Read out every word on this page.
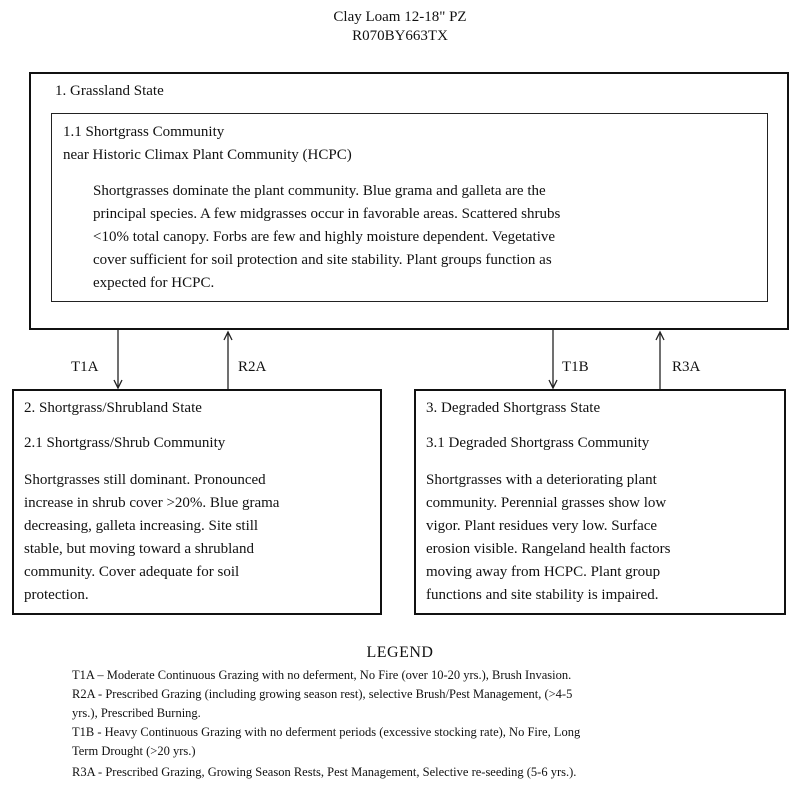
Clay Loam 12-18" PZ
R070BY663TX
1. Grassland State
1.1 Shortgrass Community
near Historic Climax Plant Community (HCPC)
Shortgrasses dominate the plant community. Blue grama and galleta are the
principal species. A few midgrasses occur in favorable areas. Scattered shrubs
<10% total canopy. Forbs are few and highly moisture dependent. Vegetative
cover sufficient for soil protection and site stability. Plant groups function as
expected for HCPC.
T1A	R2A	T1B	R3A
2. Shortgrass/Shrubland State
2.1 Shortgrass/Shrub Community
Shortgrasses still dominant. Pronounced
increase in shrub cover >20%. Blue grama
decreasing, galleta increasing. Site still
stable, but moving toward a shrubland
community. Cover adequate for soil
protection.
3. Degraded Shortgrass State
3.1 Degraded Shortgrass Community
Shortgrasses with a deteriorating plant
community. Perennial grasses show low
vigor. Plant residues very low. Surface
erosion visible. Rangeland health factors
moving away from HCPC. Plant group
functions and site stability is impaired.
LEGEND
T1A – Moderate Continuous Grazing with no deferment, No Fire (over 10-20 yrs.), Brush Invasion.
R2A - Prescribed Grazing (including growing season rest), selective Brush/Pest Management, (>4-5
yrs.), Prescribed Burning.
T1B - Heavy Continuous Grazing with no deferment periods (excessive stocking rate), No Fire, Long
Term Drought (>20 yrs.)
R3A - Prescribed Grazing, Growing Season Rests, Pest Management, Selective re-seeding (5-6 yrs.).
